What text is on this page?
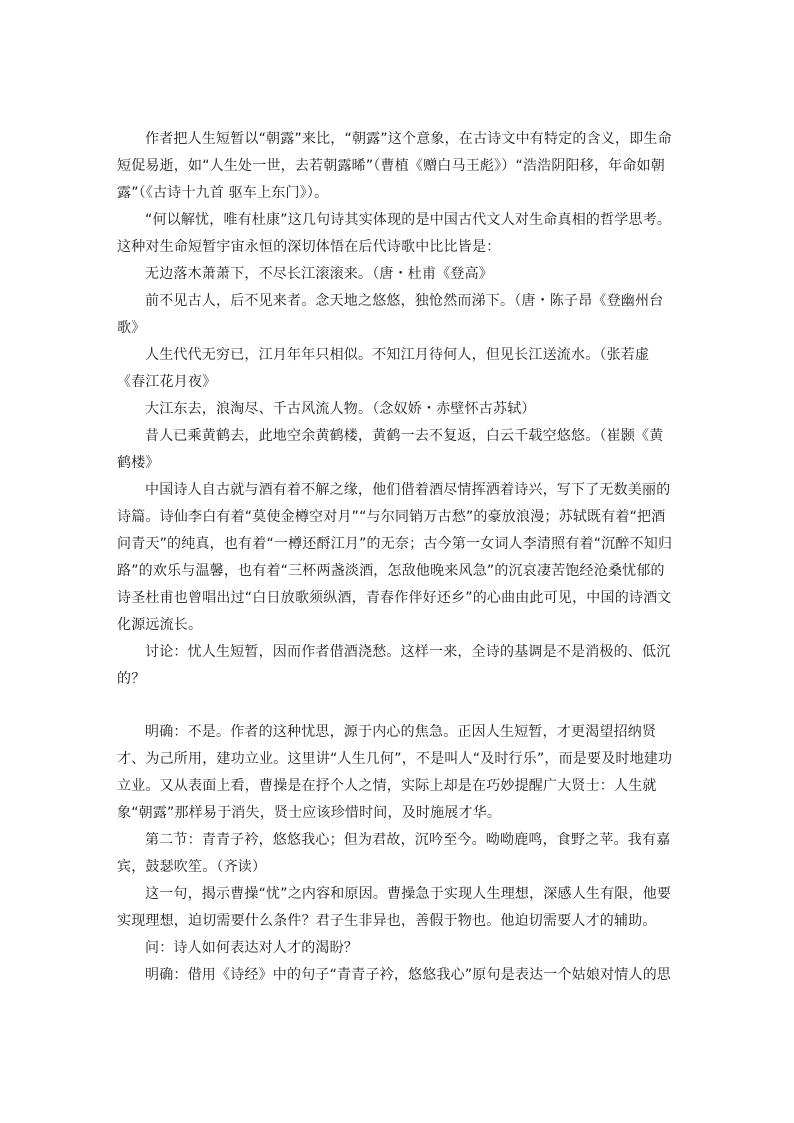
作者把人生短暂以“朝露”来比，“朝露”这个意象，在古诗文中有特定的含义，即生命短促易逝，如“人生处一世，去若朝露晞”（曹植《赠白马王彪》）“浩浩阴阳移，年命如朝露”（《古诗十九首 驱车上东门》）。

“何以解忧，唯有杜康”这几句诗其实体现的是中国古代文人对生命真相的哲学思考。这种对生命短暂宇宙永恒的深切体悟在后代诗歌中比比皆是：

无边落木萧萧下，不尽长江滚滚来。（唐・杜甫《登高》

前不见古人，后不见来者。念天地之悠悠，独怆然而涕下。（唐・陈子昂《登幽州台歌》

人生代代无穷已，江月年年只相似。不知江月待何人，但见长江送流水。（张若虚《春江花月夜》

大江东去，浪淘尽、千古风流人物。（念奴娇・赤壁怀古苏轼）

昔人已乘黄鹤去，此地空余黄鹤楼，黄鹤一去不复返，白云千载空悠悠。（崔颢《黄鹤楼》

中国诗人自古就与酒有着不解之缘，他们借着酒尽情挥洒着诗兴，写下了无数美丽的诗篇。诗仙李白有着“莫使金樽空对月”“与尔同销万古愁”的豪放浪漫；苏轼既有着“把酒问青天”的纯真，也有着“一樽还酹江月”的无奈；古今第一女词人李清照有着“沉醉不知归路”的欢乐与温馨，也有着“三杯两盏淡酒，怎敌他晚来风急”的沉哀凄苦饱经沧桑忧郁的诗圣杜甫也曾唱出过“白日放歌须纵酒，青春作伴好还乡”的心曲由此可见，中国的诗酒文化源远流长。

讨论：忧人生短暂，因而作者借酒浇愁。这样一来，全诗的基调是不是消极的、低沉的？

明确：不是。作者的这种忧思，源于内心的焦急。正因人生短暂，才更渴望招纳贤才、为己所用，建功立业。这里讲“人生几何”，不是叫人“及时行乐”，而是要及时地建功立业。又从表面上看，曹操是在抒个人之情，实际上却是在巧妙提醒广大贤士：人生就象“朝露”那样易于消失，贤士应该珍惜时间，及时施展才华。

第二节：青青子衿，悠悠我心；但为君故，沉吟至今。呦呦鹿鸣，食野之苹。我有嘉宾，鼓瑟吹笙。（齐读）

这一句，揭示曹操“忧”之内容和原因。曹操急于实现人生理想，深感人生有限，他要实现理想，迫切需要什么条件？君子生非异也，善假于物也。他迫切需要人才的辅助。

问：诗人如何表达对人才的渴盼？

明确：借用《诗经》中的句子“青青子衿，悠悠我心”原句是表达一个姑娘对情人的思
